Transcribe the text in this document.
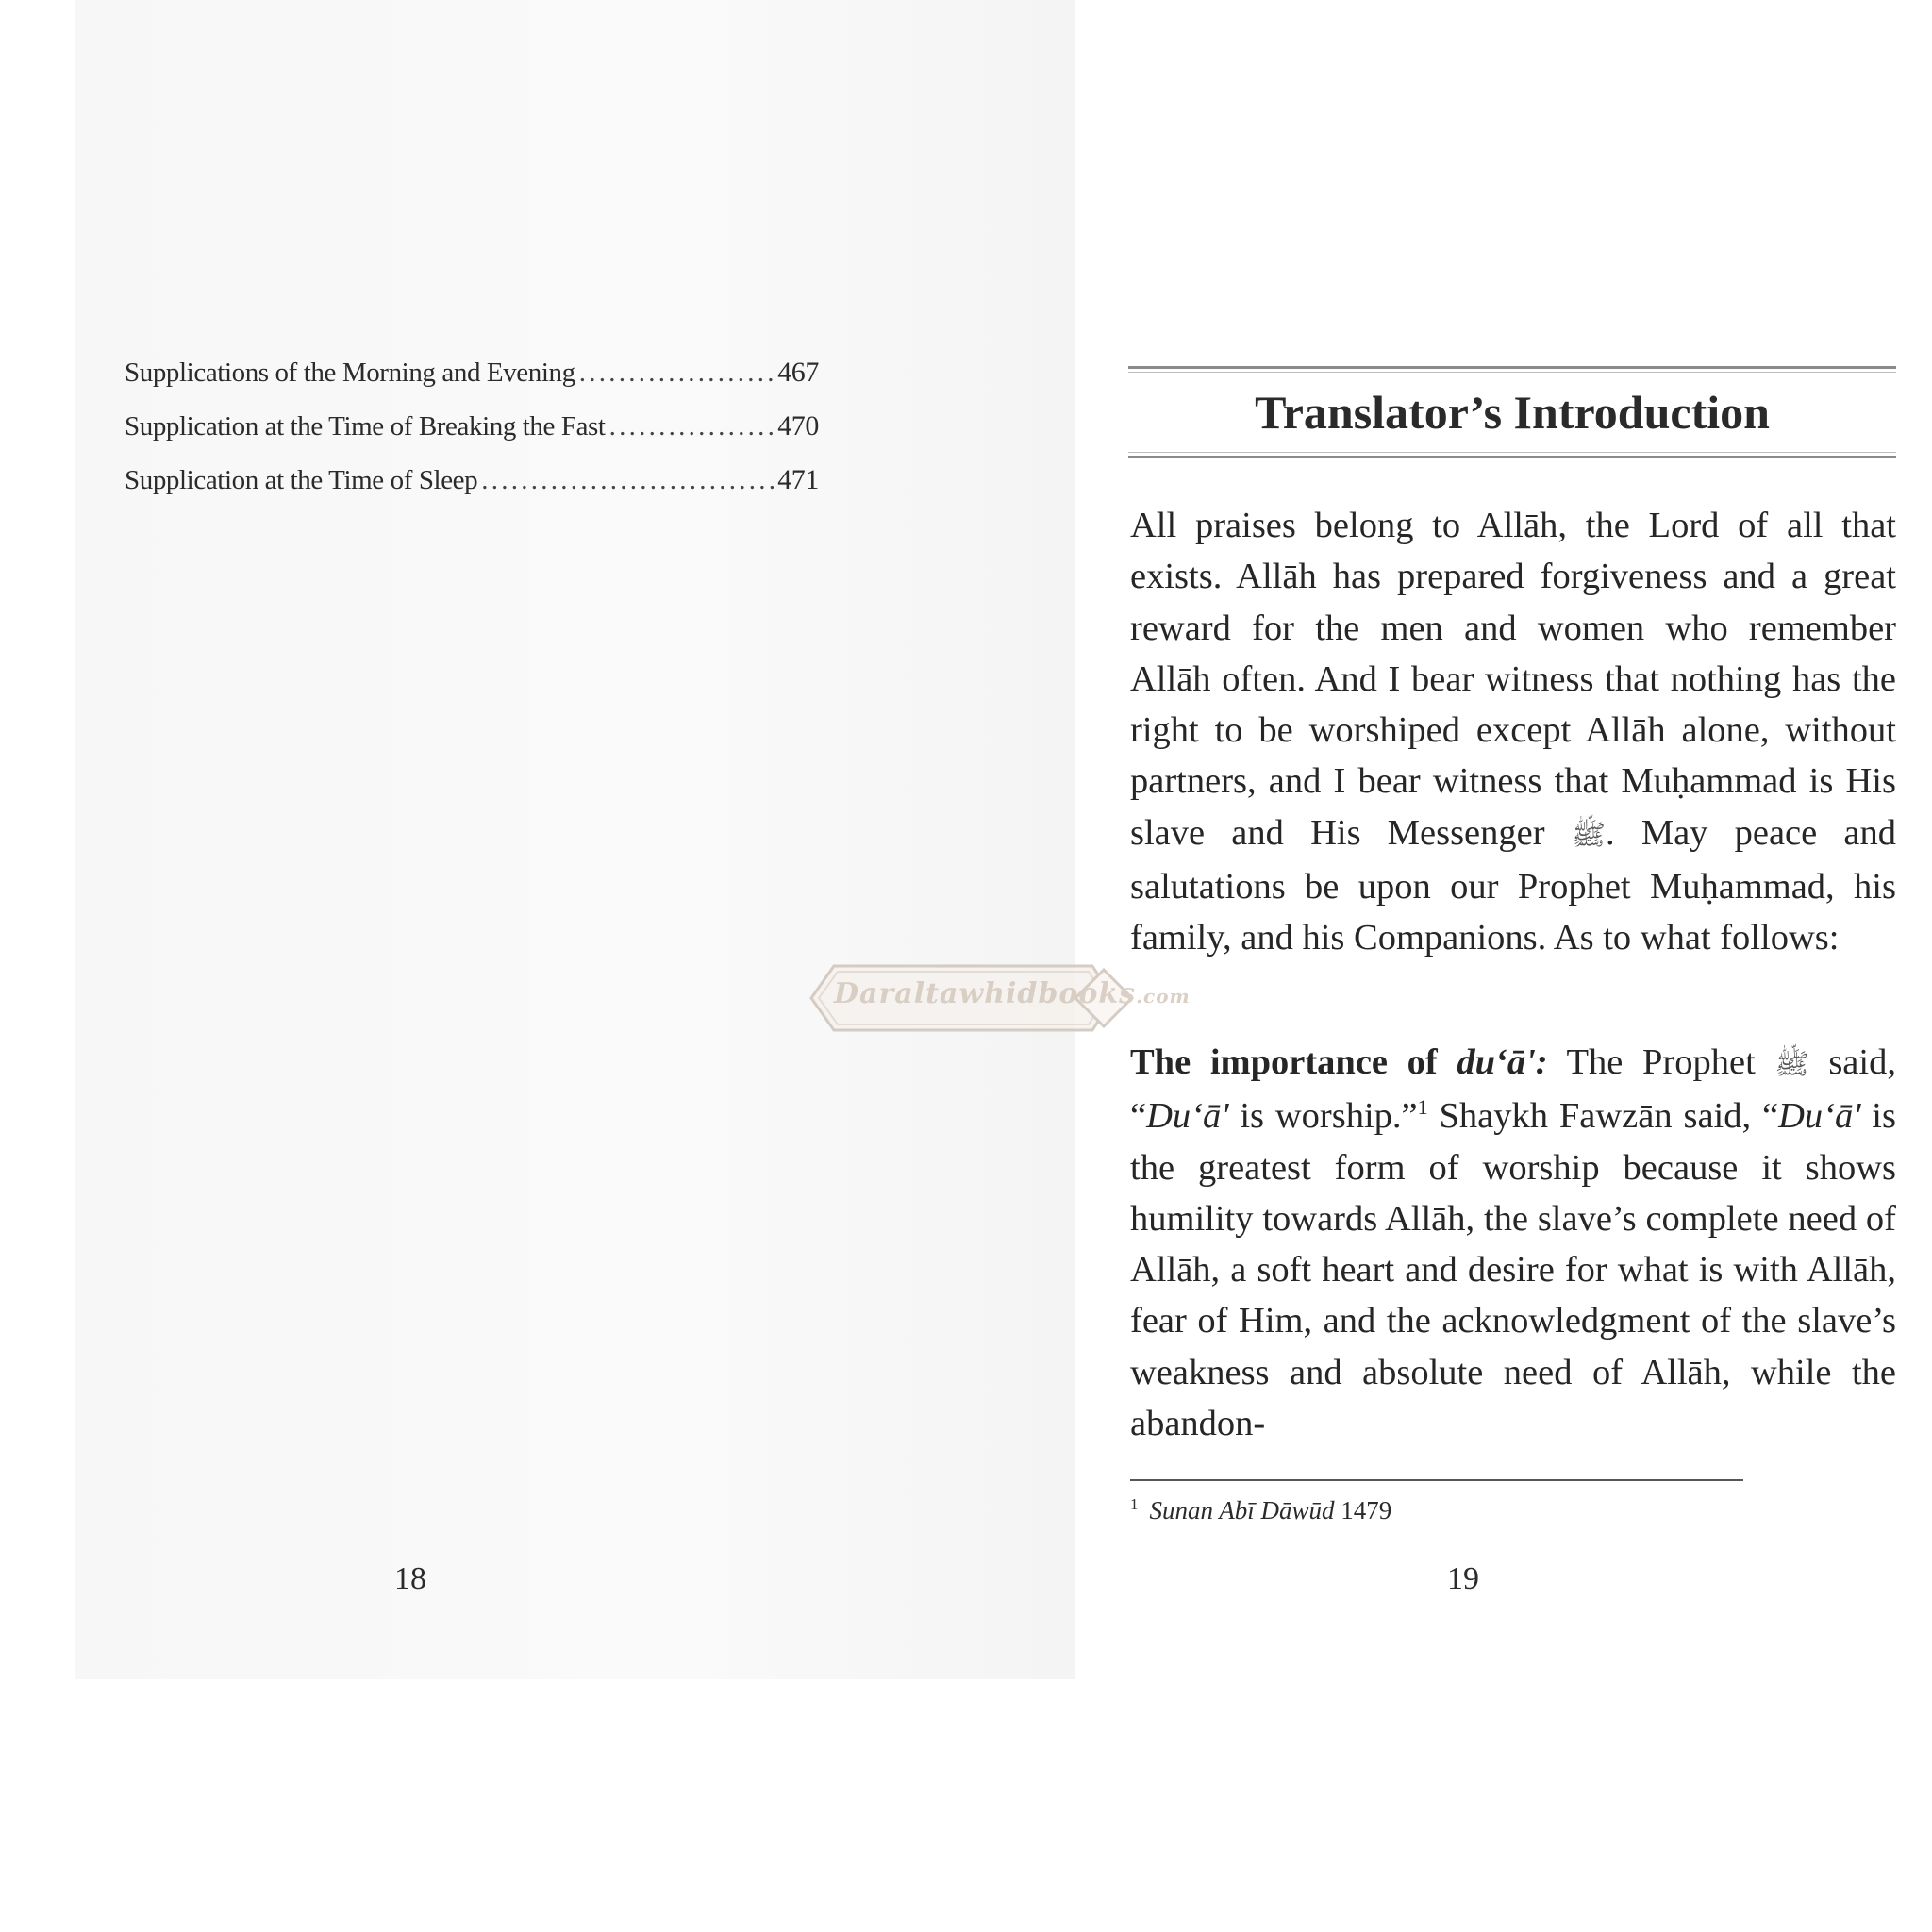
Supplications of the Morning and Evening . . .	467
Supplication at the Time of Breaking the Fast . . .	470
Supplication at the Time of Sleep . . .	471
18
Translator’s Introduction

All praises belong to Allāh, the Lord of all that exists. Allāh has prepared forgiveness and a great reward for the men and women who remember Allāh often. And I bear witness that nothing has the right to be worshiped except Allāh alone, without partners, and I bear witness that Muḥammad is His slave and His Messenger ﷺ. May peace and salutations be upon our Prophet Muḥammad, his family, and his Companions. As to what follows:

The importance of du‘ā': The Prophet ﷺ said, “Du‘ā' is worship.”$^1$ Shaykh Fawzān said, “Du‘ā' is the greatest form of worship because it shows humility towards Allāh, the slave’s complete need of Allāh, a soft heart and desire for what is with Allāh, fear of Him, and the acknowledgment of the slave’s weakness and absolute need of Allāh, while the abandon-

$^1$ Sunan Abī Dāwūd 1479
19
Daraltawhidbooks.com
